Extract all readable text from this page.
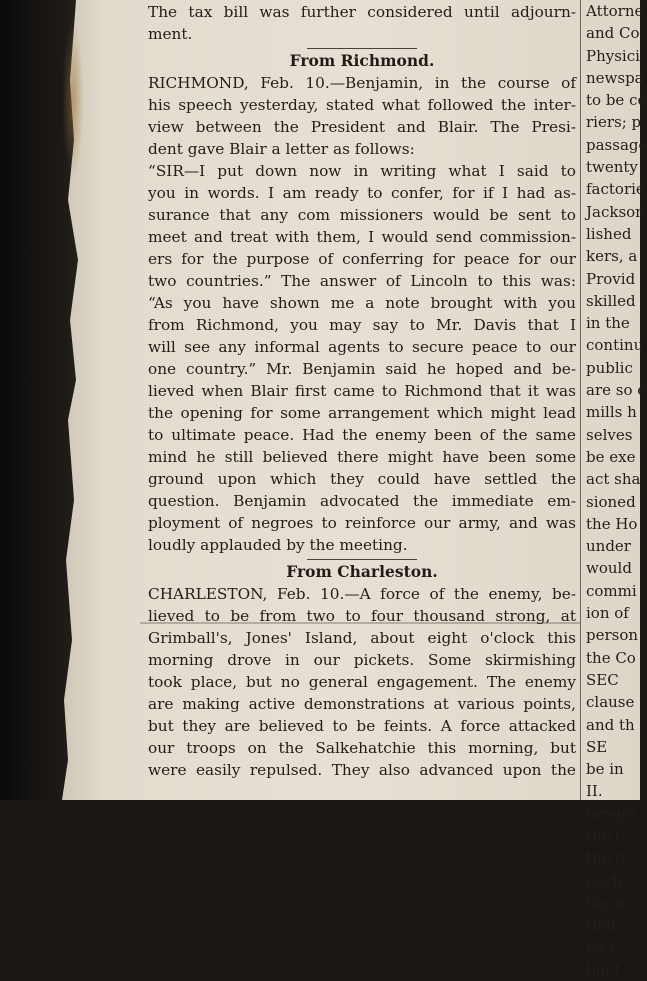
The tax bill was further considered until adjourn-
ment.
From Richmond.
RICHMOND, Feb. 10.—Benjamin, in the course of
his speech yesterday, stated what followed the inter-
view between the President and Blair. The Presi-
dent gave Blair a letter as follows:
“SIR—I put down now in writing what I said to
you in words. I am ready to confer, for if I had as-
surance that any com missioners would be sent to
meet and treat with them, I would send commission-
ers for the purpose of conferring for peace for our
two countries.” The answer of Lincoln to this was:
“As you have shown me a note brought with you
from Richmond, you may say to Mr. Davis that I
will see any informal agents to secure peace to our
one country.” Mr. Benjamin said he hoped and be-
lieved when Blair first came to Richmond that it was
the opening for some arrangement which might lead
to ultimate peace. Had the enemy been of the same
mind he still believed there might have been some
ground upon which they could have settled the
question. Benjamin advocated the immediate em-
ployment of negroes to reinforce our army, and was
loudly applauded by the meeting.
From Charleston.
CHARLESTON, Feb. 10.—A force of the enemy, be-
lieved to be from two to four thousand strong, at
Grimball's, Jones' Island, about eight o'clock this
morning drove in our pickets. Some skirmishing
took place, but no general engagement. The enemy
are making active demonstrations at various points,
but they are believed to be feints. A force attacked
our troops on the Salkehatchie this morning, but
were easily repulsed. They also advanced upon the
Attorne
and Co
Physici
newspa
to be ce
riers; p
passage
twenty
factorie
Jackson
lished
kers, a
Provid
skilled
in the
continu
public
are so e
mills h
selves
be exe
act sha
sioned
the Ho
under
would
commi
ion of
person
the Co
SEC
clause
and th
SE
be in
II.
forego
the C
the n
each
tia, a
that
be e
ble t
